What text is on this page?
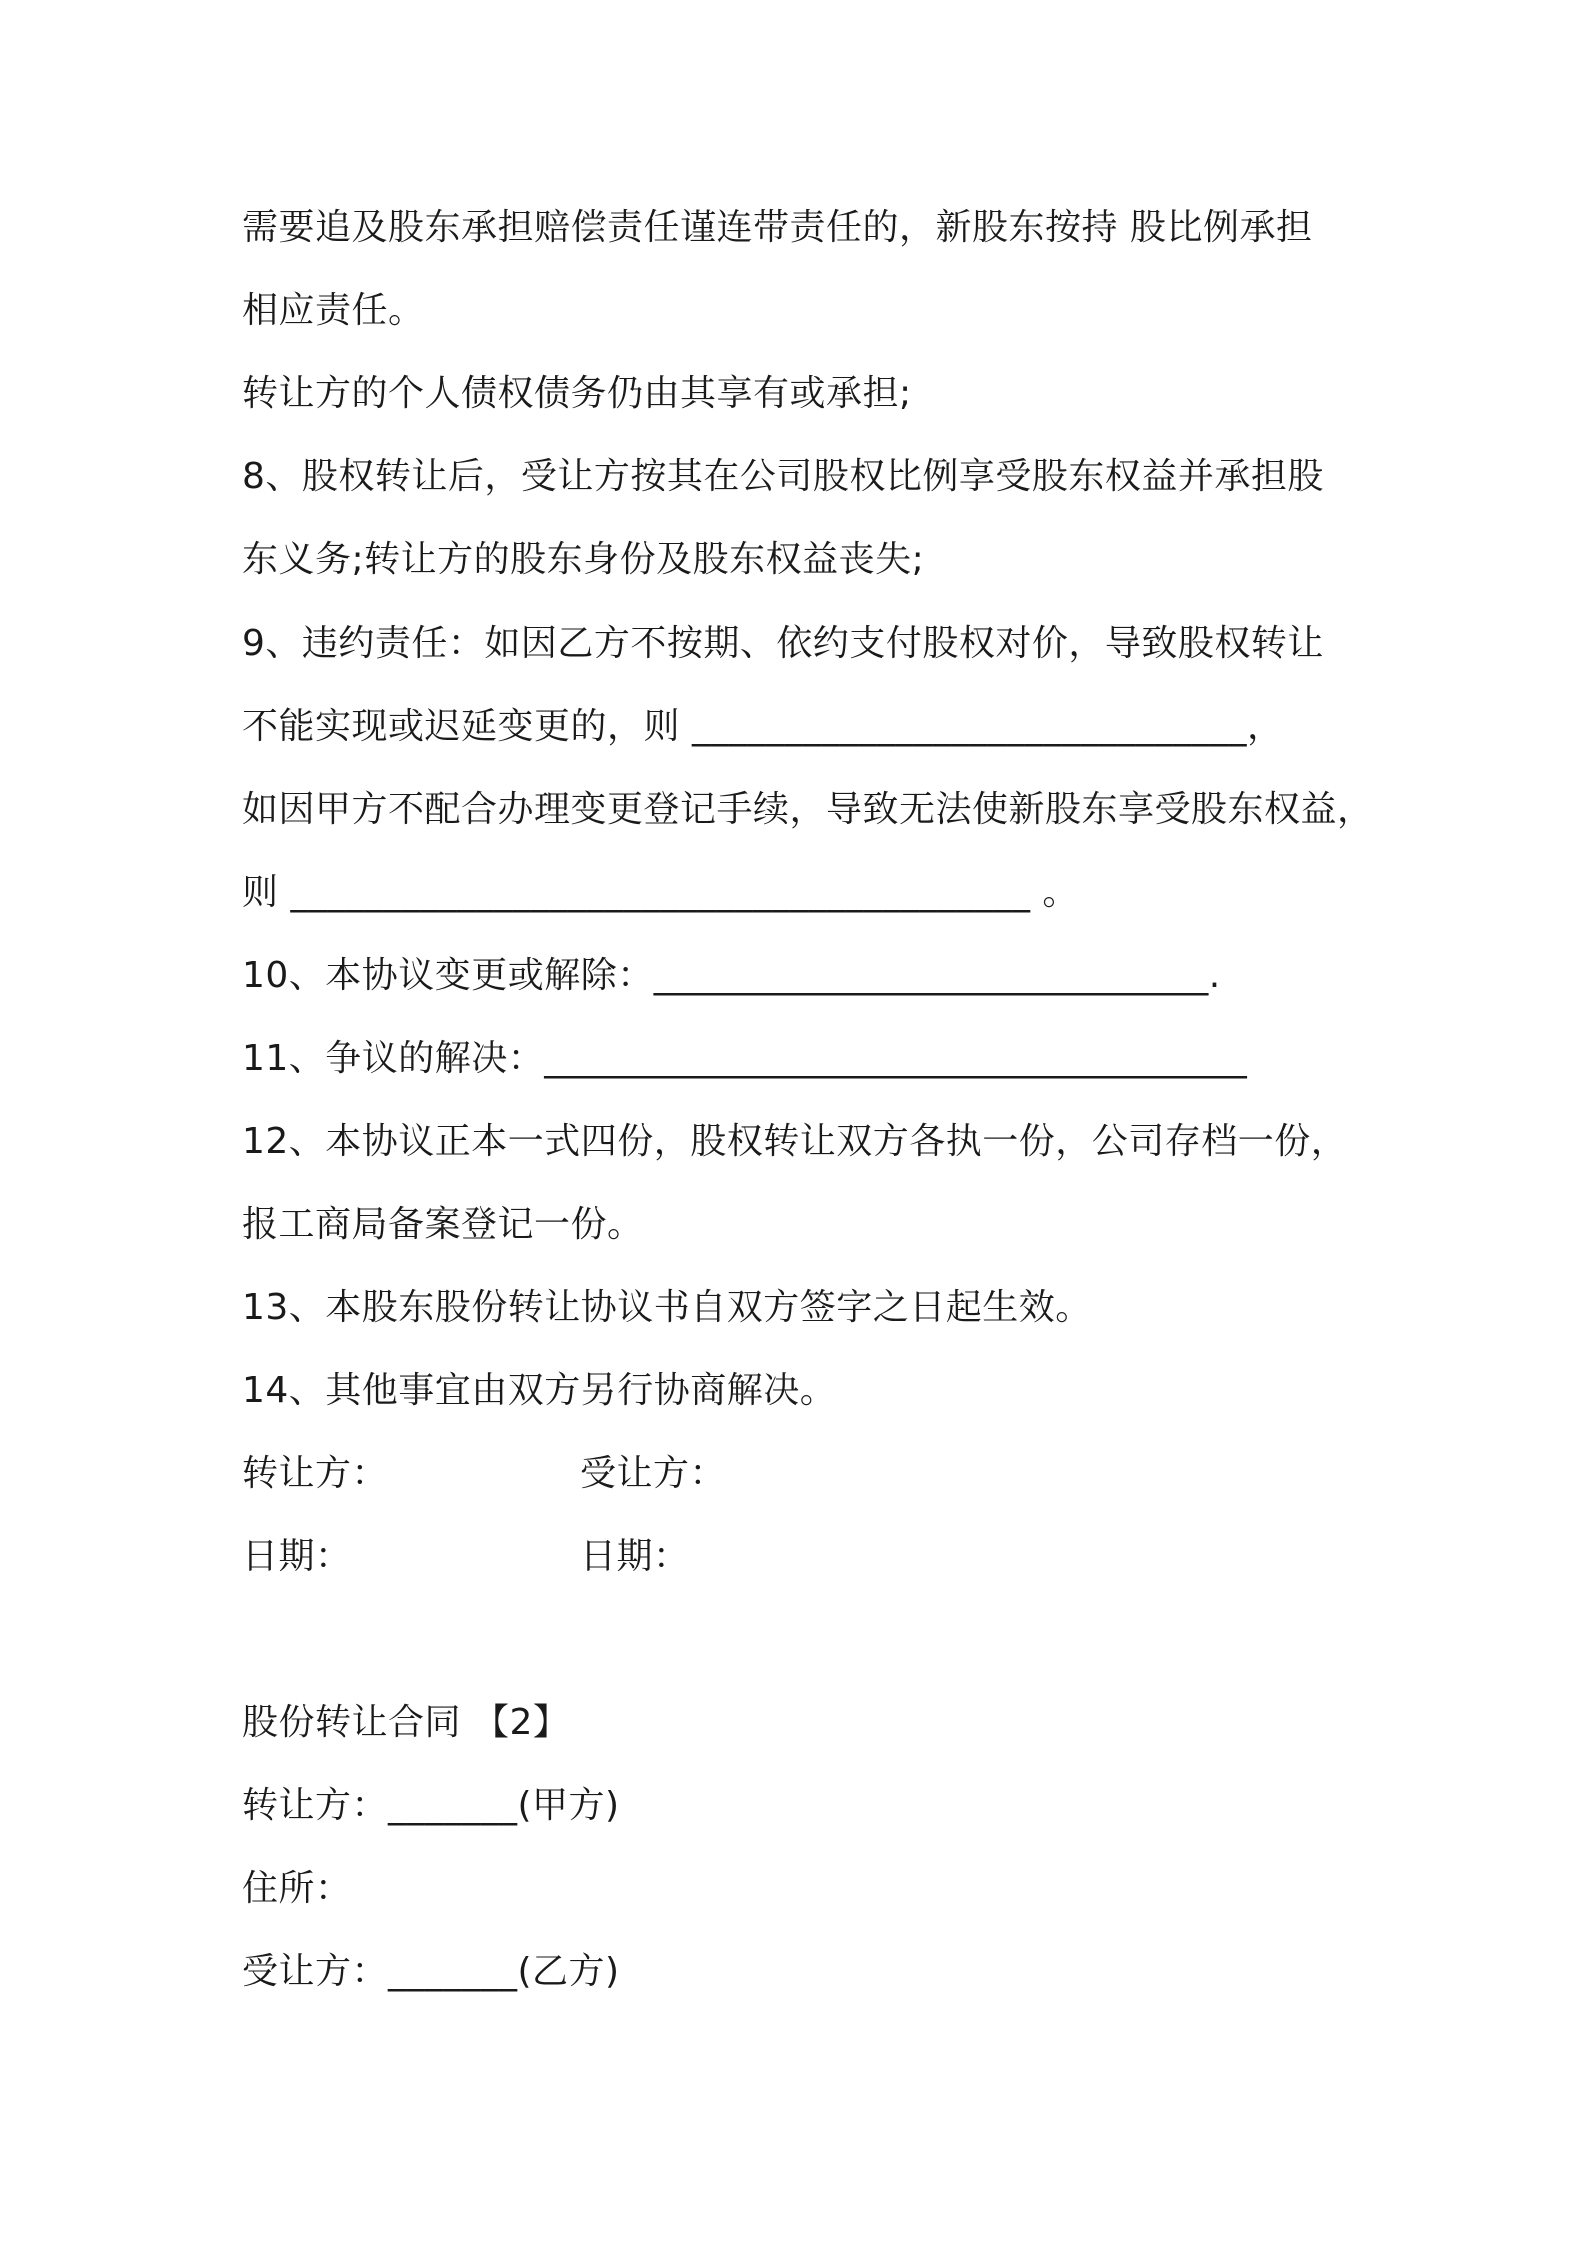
需要追及股东承担赔偿责任谨连带责任的，新股东按持 股比例承担
相应责任。
转让方的个人债权债务仍由其享有或承担;
8、股权转让后，受让方按其在公司股权比例享受股东权益并承担股
东义务;转让方的股东身份及股东权益丧失;
9、违约责任：如因乙方不按期、依约支付股权对价，导致股权转让
不能实现或迟延变更的，则 ______________________________，
如因甲方不配合办理变更登记手续，导致无法使新股东享受股东权益，
则 ________________________________________ 。
10、本协议变更或解除：______________________________.
11、争议的解决：______________________________________
12、本协议正本一式四份，股权转让双方各执一份，公司存档一份，
报工商局备案登记一份。
13、本股东股份转让协议书自双方签字之日起生效。
14、其他事宜由双方另行协商解决。
转让方：	受让方：
日期：	日期：
股份转让合同 【2】
转让方：_______(甲方)
住所：
受让方：_______(乙方)
